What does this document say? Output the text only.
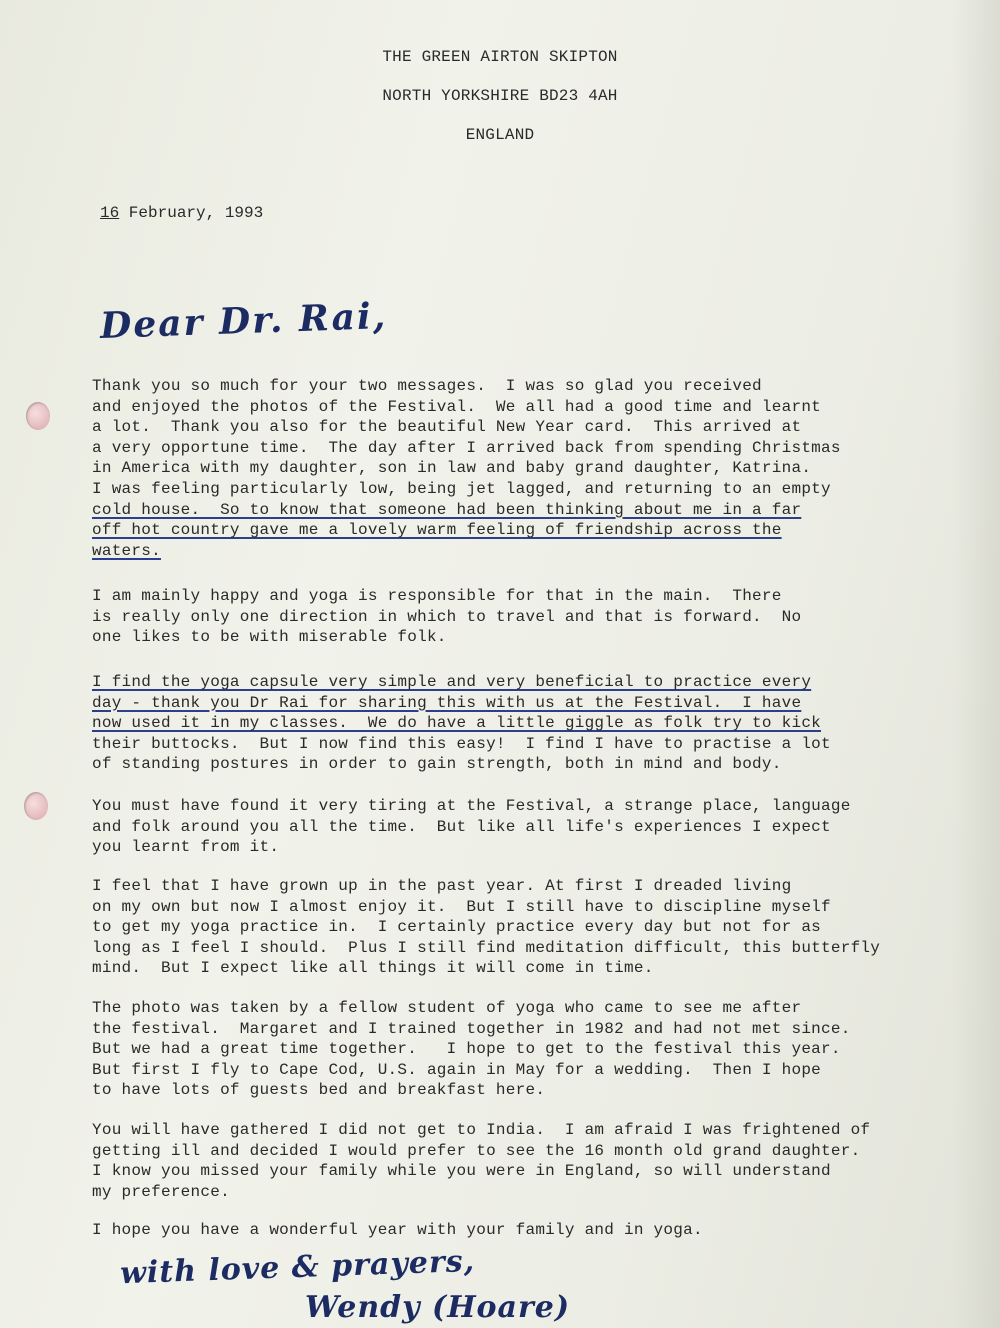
THE GREEN AIRTON SKIPTON
NORTH YORKSHIRE BD23 4AH
ENGLAND
16 February, 1993
Dear Dr. Rai,
Thank you so much for your two messages.  I was so glad you received
and enjoyed the photos of the Festival.  We all had a good time and learnt
a lot.  Thank you also for the beautiful New Year card.  This arrived at
a very opportune time.  The day after I arrived back from spending Christmas
in America with my daughter, son in law and baby grand daughter, Katrina.
I was feeling particularly low, being jet lagged, and returning to an empty
cold house.  So to know that someone had been thinking about me in a far
off hot country gave me a lovely warm feeling of friendship across the
waters.
I am mainly happy and yoga is responsible for that in the main.  There
is really only one direction in which to travel and that is forward.  No
one likes to be with miserable folk.
I find the yoga capsule very simple and very beneficial to practice every
day - thank you Dr Rai for sharing this with us at the Festival.  I have
now used it in my classes.  We do have a little giggle as folk try to kick
their buttocks.  But I now find this easy!  I find I have to practise a lot
of standing postures in order to gain strength, both in mind and body.
You must have found it very tiring at the Festival, a strange place, language
and folk around you all the time.  But like all life's experiences I expect
you learnt from it.
I feel that I have grown up in the past year. At first I dreaded living
on my own but now I almost enjoy it.  But I still have to discipline myself
to get my yoga practice in.  I certainly practice every day but not for as
long as I feel I should.  Plus I still find meditation difficult, this butterfly
mind.  But I expect like all things it will come in time.
The photo was taken by a fellow student of yoga who came to see me after
the festival.  Margaret and I trained together in 1982 and had not met since.
But we had a great time together.   I hope to get to the festival this year.
But first I fly to Cape Cod, U.S. again in May for a wedding.  Then I hope
to have lots of guests bed and breakfast here.
You will have gathered I did not get to India.  I am afraid I was frightened of
getting ill and decided I would prefer to see the 16 month old grand daughter.
I know you missed your family while you were in England, so will understand
my preference.
I hope you have a wonderful year with your family and in yoga.
with love & prayers,
Wendy (Hoare)
